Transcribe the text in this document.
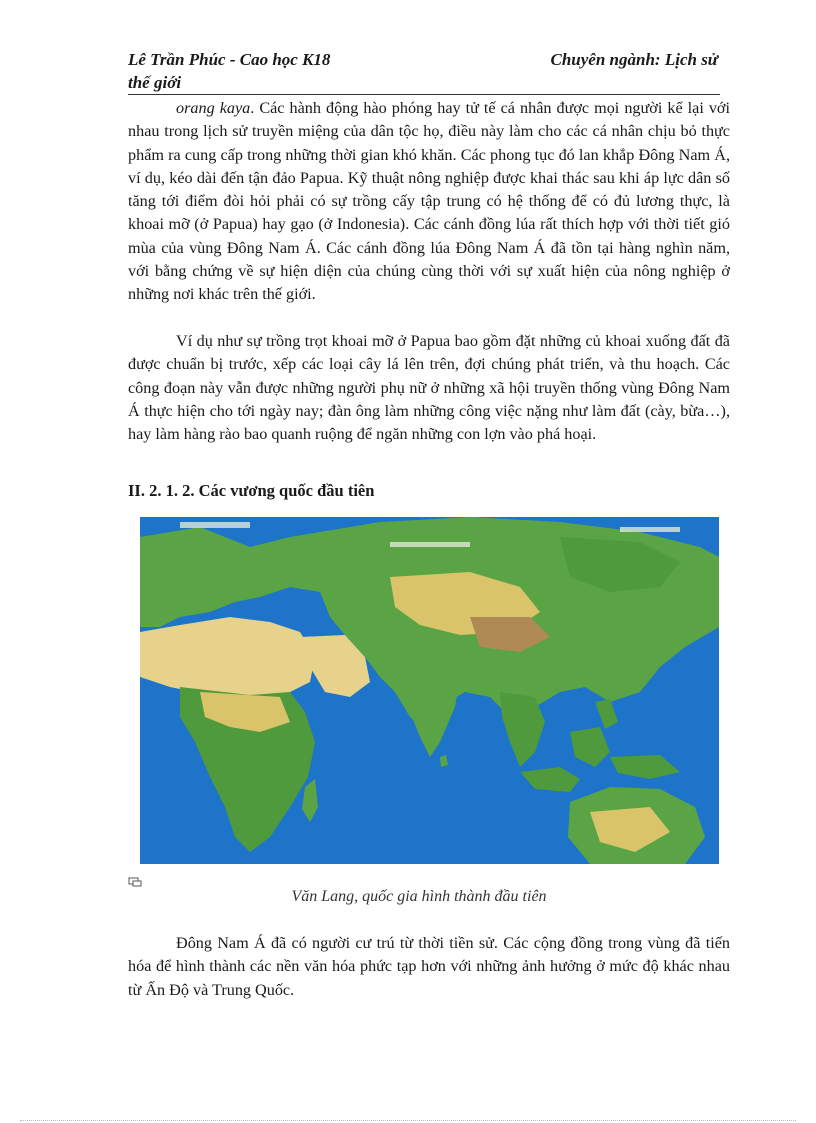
Lê Trần Phúc - Cao học K18	Chuyên ngành: Lịch sử
thế giới

orang kaya. Các hành động hào phóng hay tử tế cá nhân được mọi người kể lại với nhau trong lịch sử truyền miệng của dân tộc họ, điều này làm cho các cá nhân chịu bỏ thực phẩm ra cung cấp trong những thời gian khó khăn. Các phong tục đó lan khắp Đông Nam Á, ví dụ, kéo dài đến tận đảo Papua. Kỹ thuật nông nghiệp được khai thác sau khi áp lực dân số tăng tới điểm đòi hỏi phải có sự trồng cấy tập trung có hệ thống để có đủ lương thực, là khoai mỡ (ở Papua) hay gạo (ở Indonesia). Các cánh đồng lúa rất thích hợp với thời tiết gió mùa của vùng Đông Nam Á. Các cánh đồng lúa Đông Nam Á đã tồn tại hàng nghìn năm, với bằng chứng về sự hiện diện của chúng cùng thời với sự xuất hiện của nông nghiệp ở những nơi khác trên thế giới.

Ví dụ như sự trồng trọt khoai mỡ ở Papua bao gồm đặt những củ khoai xuống đất đã được chuẩn bị trước, xếp các loại cây lá lên trên, đợi chúng phát triển, và thu hoạch. Các công đoạn này vẫn được những người phụ nữ ở những xã hội truyền thống vùng Đông Nam Á thực hiện cho tới ngày nay; đàn ông làm những công việc nặng như làm đất (cày, bừa…), hay làm hàng rào bao quanh ruộng để ngăn những con lợn vào phá hoại.

II. 2. 1. 2. Các vương quốc đầu tiên
Văn Lang, quốc gia hình thành đầu tiên

Đông Nam Á đã có người cư trú từ thời tiền sử. Các cộng đồng trong vùng đã tiến hóa để hình thành các nền văn hóa phức tạp hơn với những ảnh hưởng ở mức độ khác nhau từ Ấn Độ và Trung Quốc.
